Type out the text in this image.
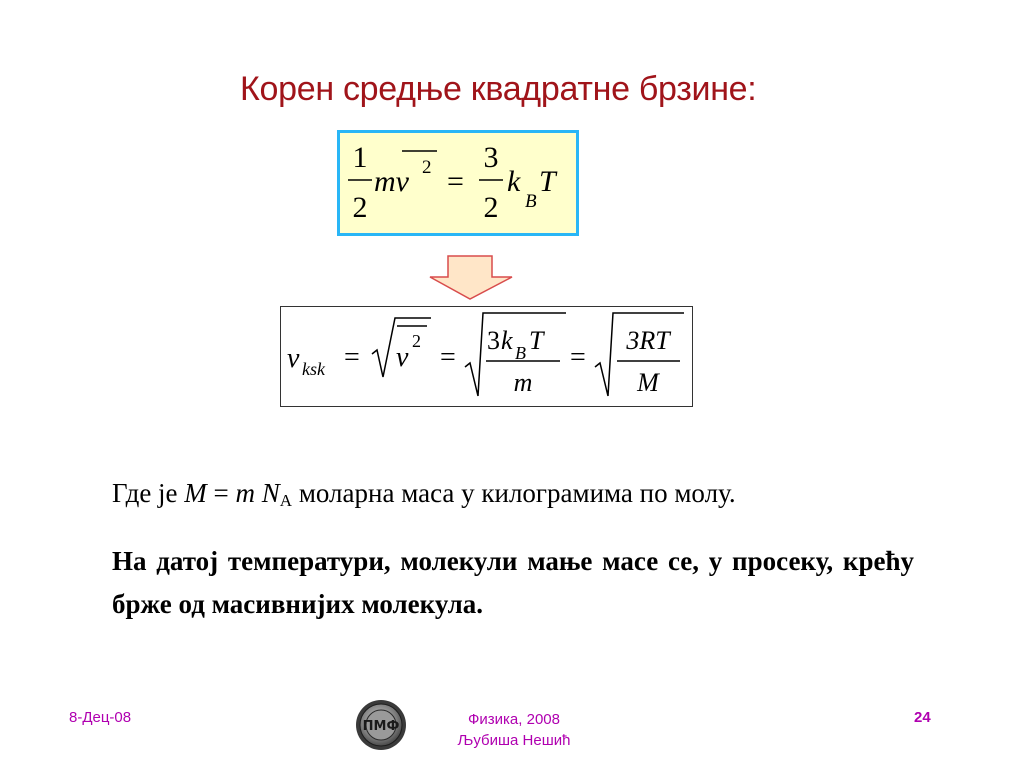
Корен средње квадратне брзине:
1
2
mv 2 =
3
2
k
B
T
v ksk = v
2
=
3 k B T
m
=
3RT
M
Где је M = m $N_A$ моларна маса у килограмима по молу.
На датој температури, молекули мање масе се, у просеку, крећу брже од масивнијих молекула.
8-Дец-08
ПМФ	Физика, 2008
Љубиша Нешић
24
